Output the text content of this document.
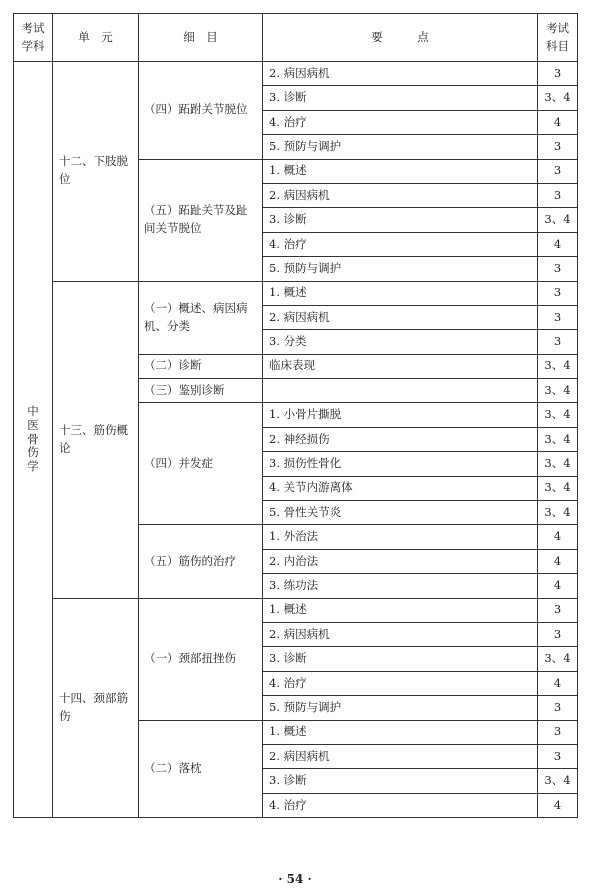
考试
学科	单　元	细　目	要　　　点	考试
科目

中医骨伤学	十二、下肢脱位	（四）跖跗关节脱位	2. 病因病机	3
			3. 诊断	3、4
			4. 治疗	4
			5. 预防与调护	3

		（五）跖趾关节及趾间关节脱位	1. 概述	3
			2. 病因病机	3
			3. 诊断	3、4
			4. 治疗	4
			5. 预防与调护	3

	十三、筋伤概论	（一）概述、病因病机、分类	1. 概述	3
			2. 病因病机	3
			3. 分类	3

		（二）诊断	临床表现	3、4

		（三）鉴别诊断		3、4

		（四）并发症	1. 小骨片撕脱	3、4
			2. 神经损伤	3、4
			3. 损伤性骨化	3、4
			4. 关节内游离体	3、4
			5. 骨性关节炎	3、4

		（五）筋伤的治疗	1. 外治法	4
			2. 内治法	4
			3. 练功法	4

	十四、颈部筋伤	（一）颈部扭挫伤	1. 概述	3
			2. 病因病机	3
			3. 诊断	3、4
			4. 治疗	4
			5. 预防与调护	3

		（二）落枕	1. 概述	3
			2. 病因病机	3
			3. 诊断	3、4
			4. 治疗	4
· 54 ·
